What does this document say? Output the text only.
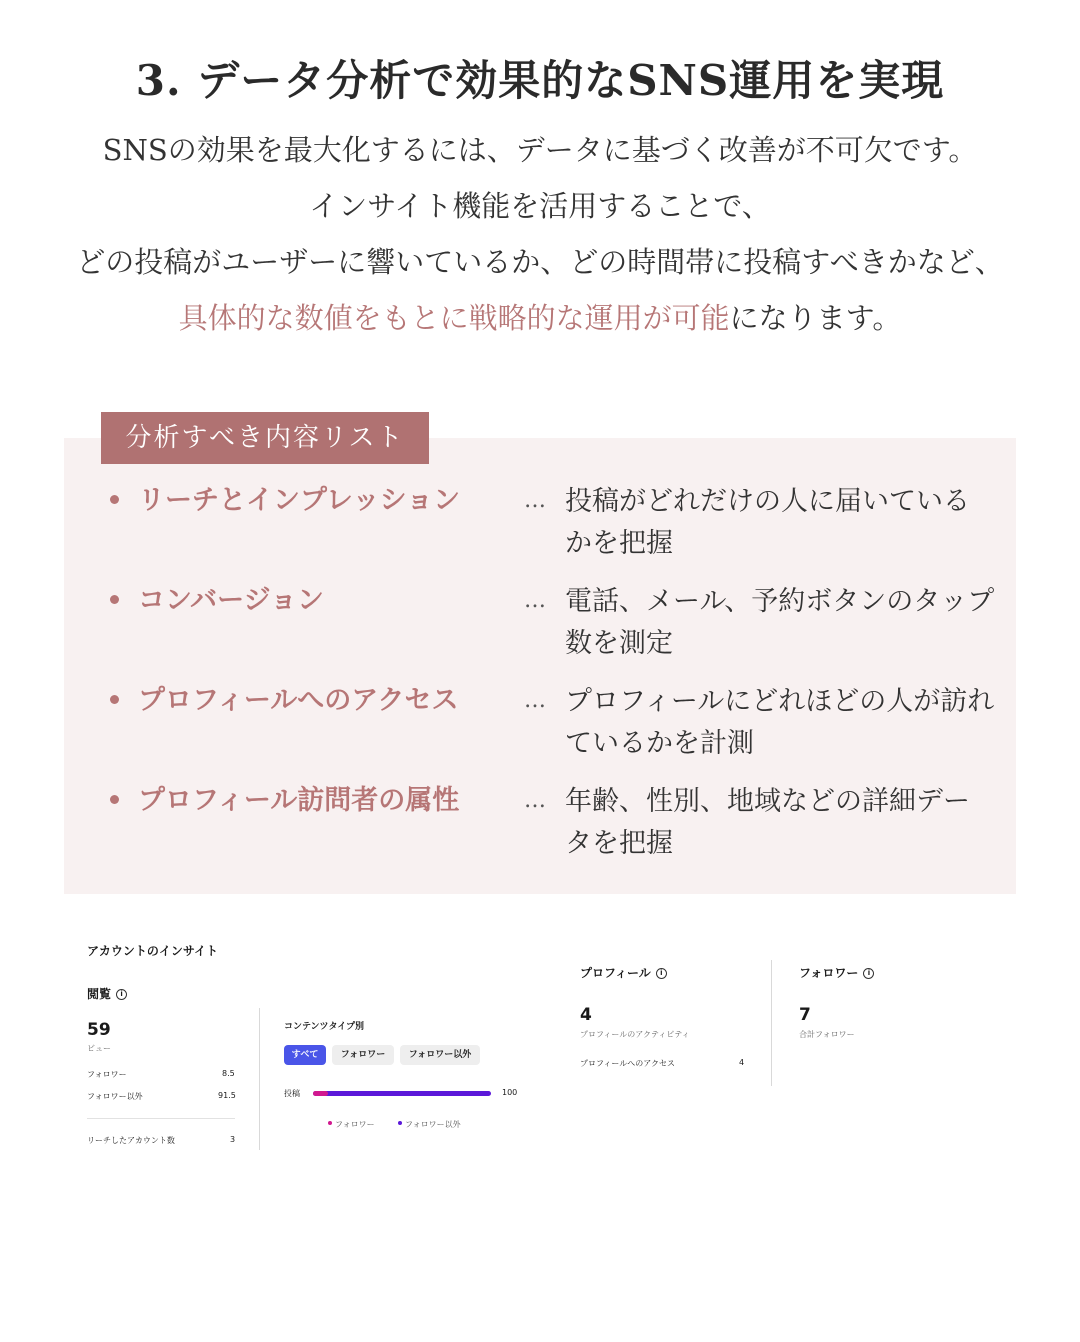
3. データ分析で効果的なSNS運用を実現
SNSの効果を最大化するには、データに基づく改善が不可欠です。
インサイト機能を活用することで、
どの投稿がユーザーに響いているか、どの時間帯に投稿すべきかなど、
具体的な数値をもとに戦略的な運用が可能になります。
分析すべき内容リスト
リーチとインプレッション	… 投稿がどれだけの人に届いているかを把握
コンバージョン	… 電話、メール、予約ボタンのタップ数を測定
プロフィールへのアクセス	… プロフィールにどれほどの人が訪れているかを計測
プロフィール訪問者の属性	… 年齢、性別、地域などの詳細データを把握
アカウントのインサイト
閲覧 i
59
ビュー
フォロワー	8.5
フォロワー以外	91.5
リーチしたアカウント数	3
コンテンツタイプ別
すべて	フォロワー	フォロワー以外
投稿	100
フォロワー	フォロワー以外
プロフィール i
4
プロフィールのアクティビティ
プロフィールへのアクセス	4
フォロワー i
7
合計フォロワー
